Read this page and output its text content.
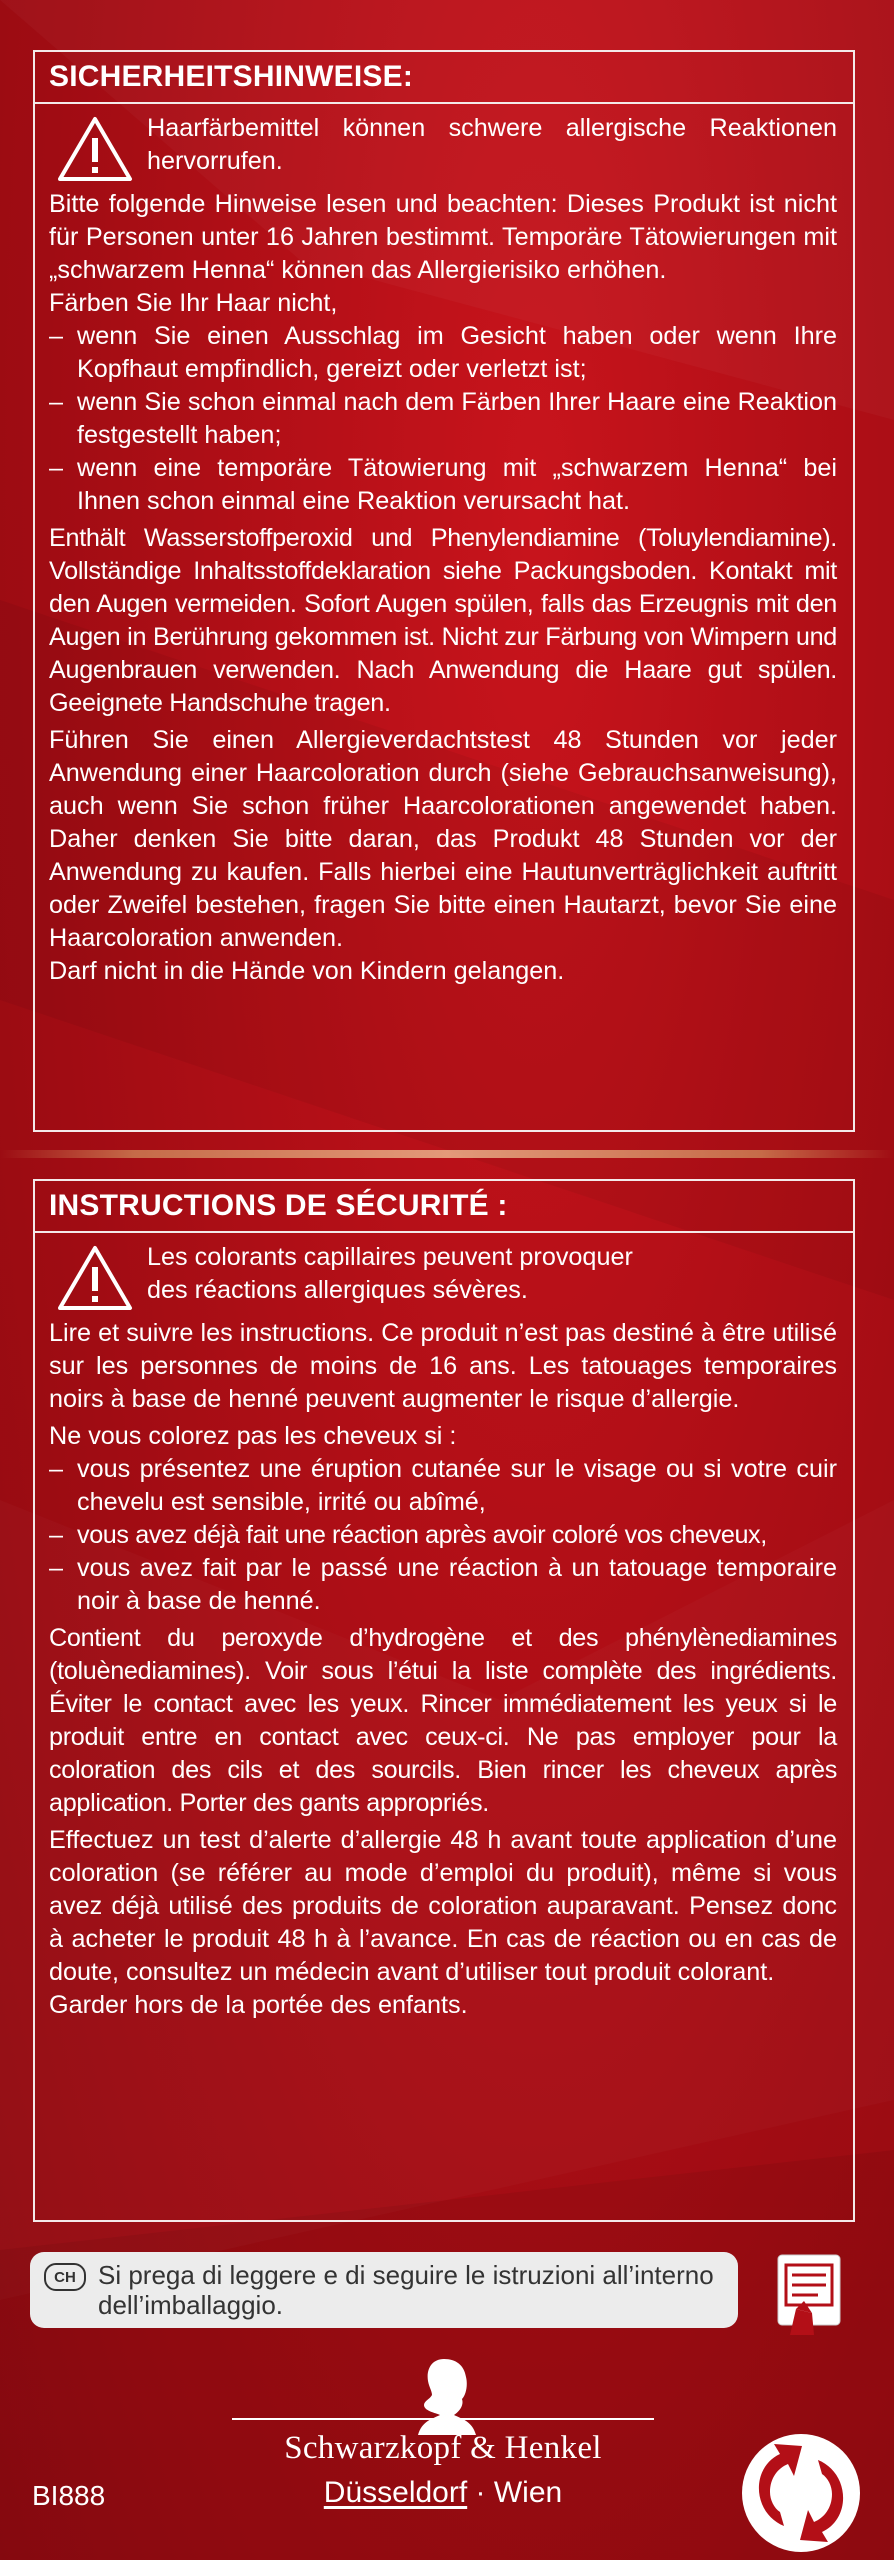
SICHERHEITSHINWEISE:

Haarfärbemittel können schwere allergische Reaktionen hervorrufen.

Bitte folgende Hinweise lesen und beachten: Dieses Produkt ist nicht für Personen unter 16 Jahren bestimmt. Temporäre Tätowierungen mit „schwarzem Henna“ können das Allergierisiko erhöhen.

Färben Sie Ihr Haar nicht,

– wenn Sie einen Ausschlag im Gesicht haben oder wenn Ihre Kopfhaut empfindlich, gereizt oder verletzt ist;
– wenn Sie schon einmal nach dem Färben Ihrer Haare eine Reaktion festgestellt haben;
– wenn eine temporäre Tätowierung mit „schwarzem Henna“ bei Ihnen schon einmal eine Reaktion verursacht hat.

Enthält Wasserstoffperoxid und Phenylendiamine (Toluylendiamine). Vollständige Inhaltsstoffdeklaration siehe Packungsboden. Kontakt mit den Augen vermeiden. Sofort Augen spülen, falls das Erzeugnis mit den Augen in Berührung gekommen ist. Nicht zur Färbung von Wimpern und Augenbrauen verwenden. Nach Anwendung die Haare gut spülen. Geeignete Handschuhe tragen.

Führen Sie einen Allergieverdachtstest 48 Stunden vor jeder Anwendung einer Haarcoloration durch (siehe Gebrauchsanweisung), auch wenn Sie schon früher Haarcolorationen angewendet haben. Daher denken Sie bitte daran, das Produkt 48 Stunden vor der Anwendung zu kaufen. Falls hierbei eine Hautunverträglichkeit auftritt oder Zweifel bestehen, fragen Sie bitte einen Hautarzt, bevor Sie eine Haarcoloration anwenden.

Darf nicht in die Hände von Kindern gelangen.

INSTRUCTIONS DE SÉCURITÉ :

Les colorants capillaires peuvent provoquer des réactions allergiques sévères.

Lire et suivre les instructions. Ce produit n’est pas destiné à être utilisé sur les personnes de moins de 16 ans. Les tatouages temporaires noirs à base de henné peuvent augmenter le risque d’allergie.

Ne vous colorez pas les cheveux si :

– vous présentez une éruption cutanée sur le visage ou si votre cuir chevelu est sensible, irrité ou abîmé,
– vous avez déjà fait une réaction après avoir coloré vos cheveux,
– vous avez fait par le passé une réaction à un tatouage temporaire noir à base de henné.

Contient du peroxyde d’hydrogène et des phénylènediamines (toluènediamines). Voir sous l’étui la liste complète des ingrédients. Éviter le contact avec les yeux. Rincer immédiatement les yeux si le produit entre en contact avec ceux-ci. Ne pas employer pour la coloration des cils et des sourcils. Bien rincer les cheveux après application. Porter des gants appropriés.

Effectuez un test d’alerte d’allergie 48 h avant toute application d’une coloration (se référer au mode d’emploi du produit), même si vous avez déjà utilisé des produits de coloration auparavant. Pensez donc à acheter le produit 48 h à l’avance. En cas de réaction ou en cas de doute, consultez un médecin avant d’utiliser tout produit colorant.

Garder hors de la portée des enfants.

CH Si prega di leggere e di seguire le istruzioni all’interno dell’imballaggio.
Schwarzkopf & Henkel
Düsseldorf · Wien
BI888
